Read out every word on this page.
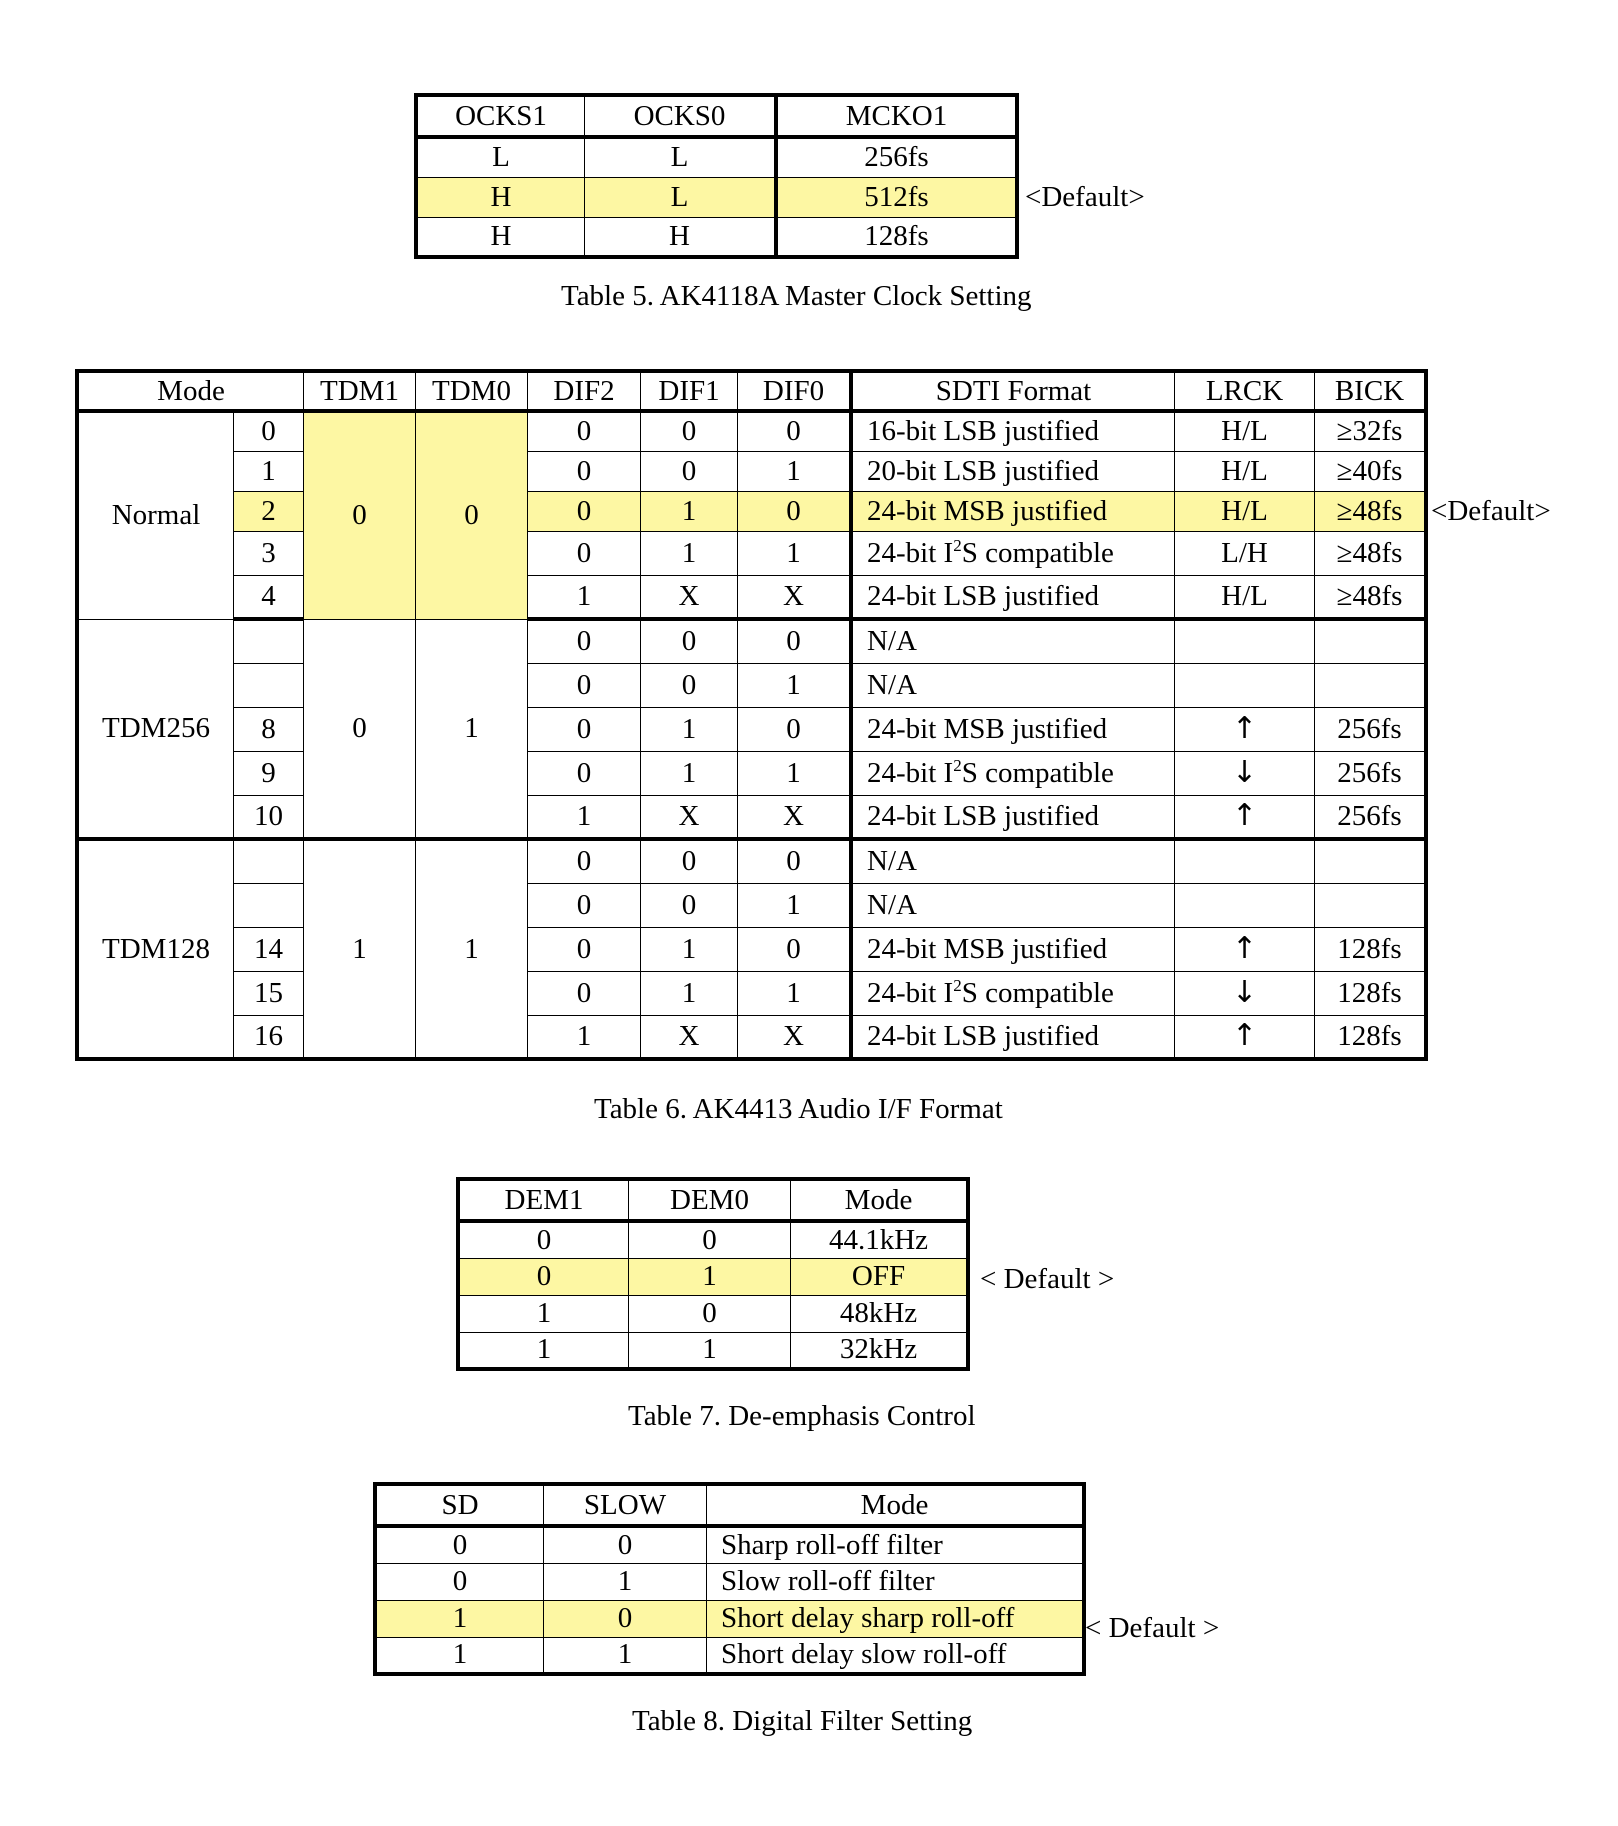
OCKS1	OCKS0	MCKO1
L	L	256fs
H	L	512fs
H	H	128fs
<Default>
Table 5. AK4118A Master Clock Setting
Mode		TDM1	TDM0	DIF2	DIF1	DIF0	SDTI Format	LRCK	BICK
Normal	0	0	0	0	0	0	16-bit LSB justified	H/L	≥32fs
	1			0	0	1	20-bit LSB justified	H/L	≥40fs
	2			0	1	0	24-bit MSB justified	H/L	≥48fs
	3			0	1	1	24-bit $I^2S$ compatible	L/H	≥48fs
	4			1	X	X	24-bit LSB justified	H/L	≥48fs
TDM256		0	1	0	0	0	N/A		
				0	0	1	N/A		
	8			0	1	0	24-bit MSB justified	↑	256fs
	9			0	1	1	24-bit $I^2S$ compatible	↓	256fs
	10			1	X	X	24-bit LSB justified	↑	256fs
TDM128		1	1	0	0	0	N/A		
				0	0	1	N/A		
	14			0	1	0	24-bit MSB justified	↑	128fs
	15			0	1	1	24-bit $I^2S$ compatible	↓	128fs
	16			1	X	X	24-bit LSB justified	↑	128fs
<Default>
Table 6. AK4413 Audio I/F Format
DEM1	DEM0	Mode
0	0	44.1kHz
0	1	OFF
1	0	48kHz
1	1	32kHz
< Default >
Table 7. De-emphasis Control
SD	SLOW	Mode
0	0	Sharp roll-off filter
0	1	Slow roll-off filter
1	0	Short delay sharp roll-off
1	1	Short delay slow roll-off
< Default >
Table 8. Digital Filter Setting
